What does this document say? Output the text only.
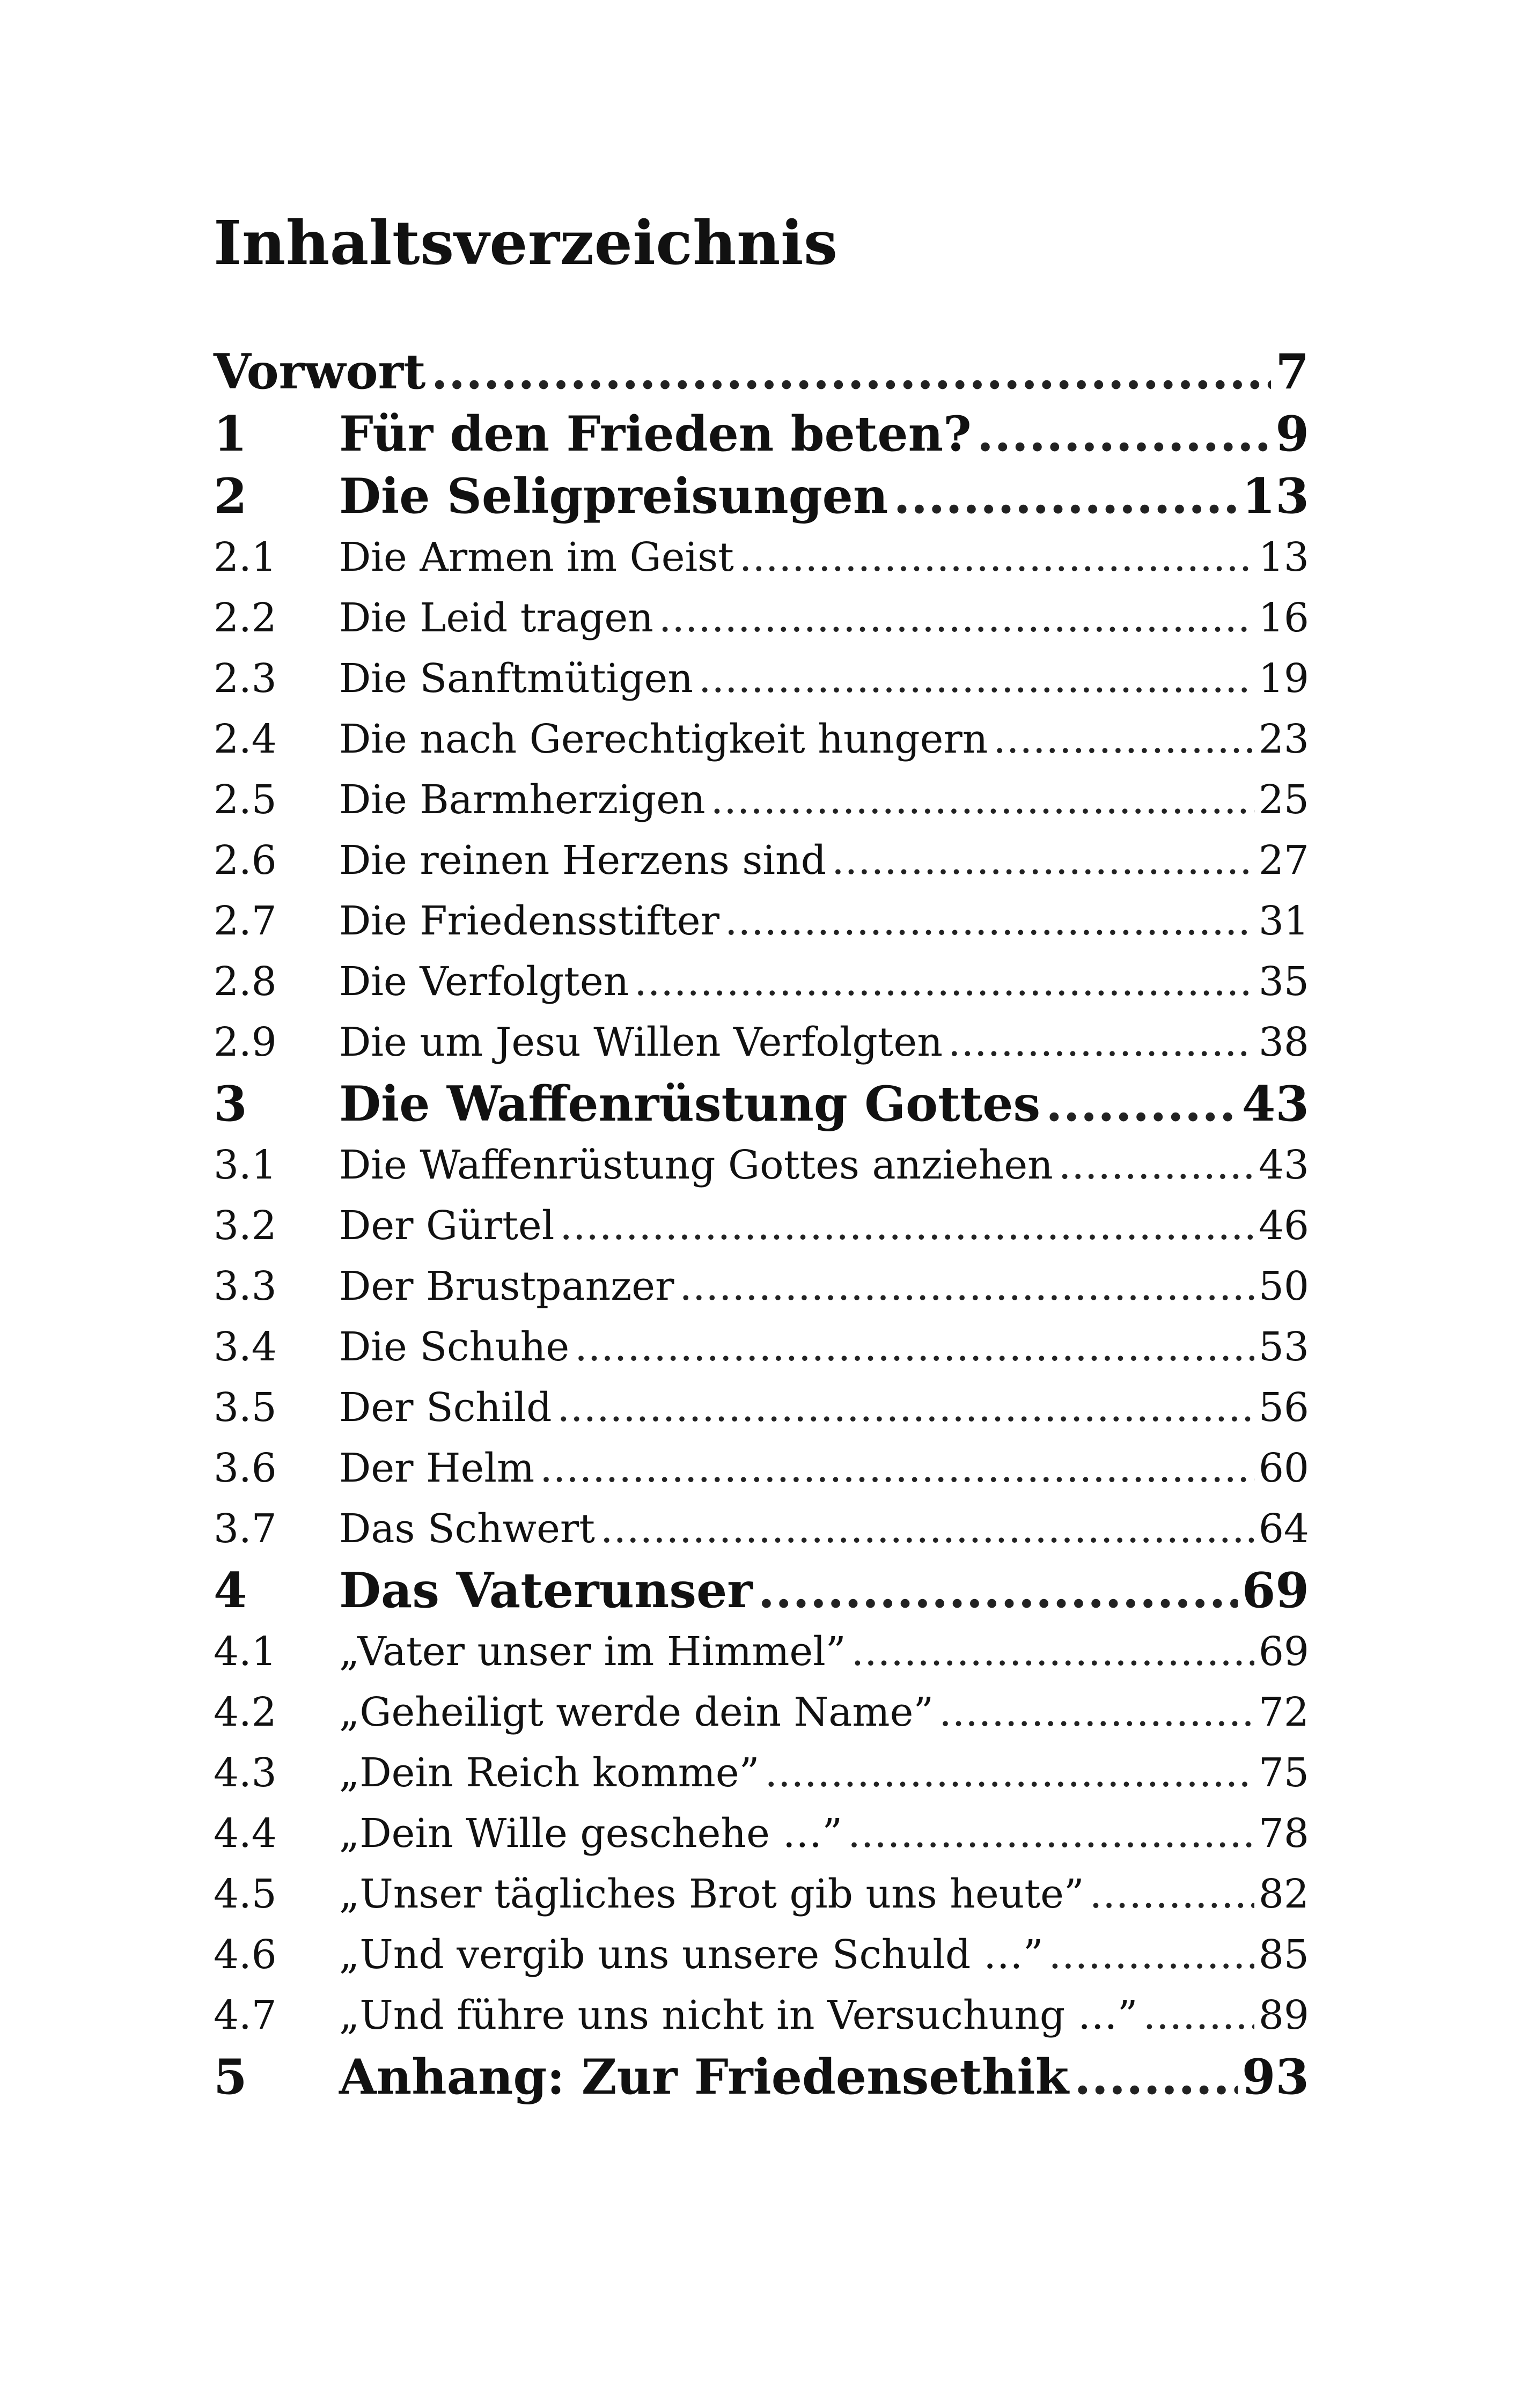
Inhaltsverzeichnis
Vorwort .....	7
1	Für den Frieden beten? .....	9
2	Die Seligpreisungen .....	13
2.1	Die Armen im Geist .....	13
2.2	Die Leid tragen .....	16
2.3	Die Sanftmütigen .....	19
2.4	Die nach Gerechtigkeit hungern .....	23
2.5	Die Barmherzigen .....	25
2.6	Die reinen Herzens sind .....	27
2.7	Die Friedensstifter .....	31
2.8	Die Verfolgten .....	35
2.9	Die um Jesu Willen Verfolgten .....	38
3	Die Waffenrüstung Gottes .....	43
3.1	Die Waffenrüstung Gottes anziehen .....	43
3.2	Der Gürtel .....	46
3.3	Der Brustpanzer .....	50
3.4	Die Schuhe .....	53
3.5	Der Schild .....	56
3.6	Der Helm .....	60
3.7	Das Schwert .....	64
4	Das Vaterunser .....	69
4.1	„Vater unser im Himmel” .....	69
4.2	„Geheiligt werde dein Name” .....	72
4.3	„Dein Reich komme” .....	75
4.4	„Dein Wille geschehe …” .....	78
4.5	„Unser tägliches Brot gib uns heute” .....	82
4.6	„Und vergib uns unsere Schuld …” .....	85
4.7	„Und führe uns nicht in Versuchung …” .....	89
5	Anhang: Zur Friedensethik .....	93
